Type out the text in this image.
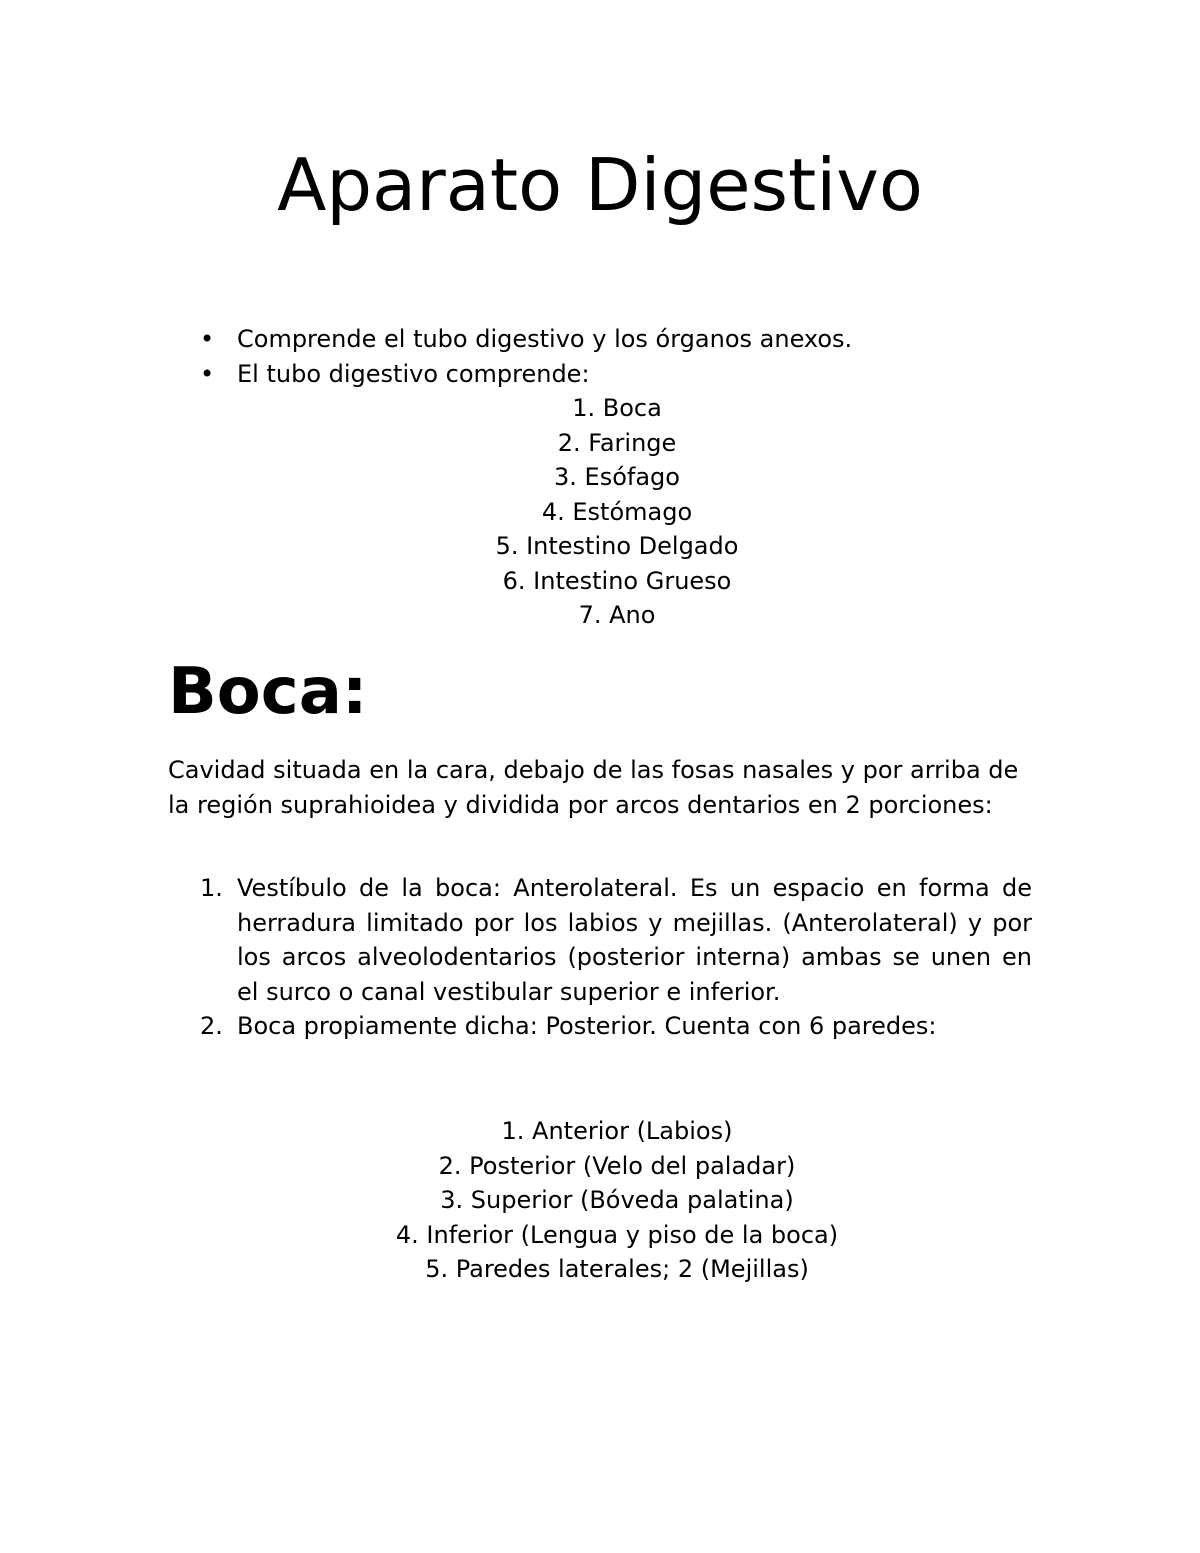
Aparato Digestivo
• Comprende el tubo digestivo y los órganos anexos.
• El tubo digestivo comprende:
1. Boca
2. Faringe
3. Esófago
4. Estómago
5. Intestino Delgado
6. Intestino Grueso
7. Ano
Boca:

Cavidad situada en la cara, debajo de las fosas nasales y por arriba de la región suprahioidea y dividida por arcos dentarios en 2 porciones:

1. Vestíbulo de la boca: Anterolateral. Es un espacio en forma de herradura limitado por los labios y mejillas. (Anterolateral) y por los arcos alveolodentarios (posterior interna) ambas se unen en el surco o canal vestibular superior e inferior.
2. Boca propiamente dicha: Posterior. Cuenta con 6 paredes:
1. Anterior (Labios)
2. Posterior (Velo del paladar)
3. Superior (Bóveda palatina)
4. Inferior (Lengua y piso de la boca)
5. Paredes laterales; 2 (Mejillas)
